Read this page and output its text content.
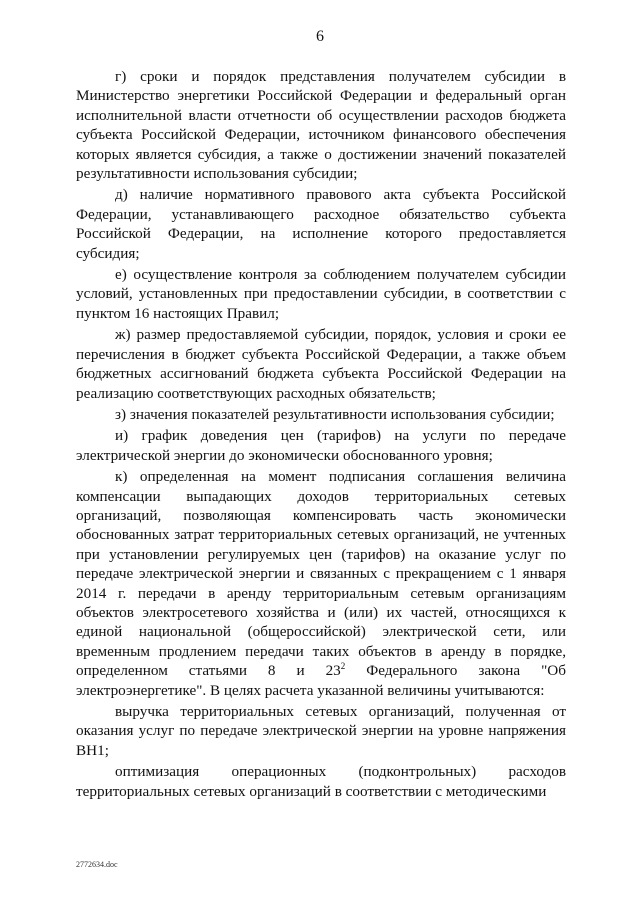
6

г) сроки и порядок представления получателем субсидии в Министерство энергетики Российской Федерации и федеральный орган исполнительной власти отчетности об осуществлении расходов бюджета субъекта Российской Федерации, источником финансового обеспечения которых является субсидия, а также о достижении значений показателей результативности использования субсидии;

д) наличие нормативного правового акта субъекта Российской Федерации, устанавливающего расходное обязательство субъекта Российской Федерации, на исполнение которого предоставляется субсидия;

е) осуществление контроля за соблюдением получателем субсидии условий, установленных при предоставлении субсидии, в соответствии с пунктом 16 настоящих Правил;

ж) размер предоставляемой субсидии, порядок, условия и сроки ее перечисления в бюджет субъекта Российской Федерации, а также объем бюджетных ассигнований бюджета субъекта Российской Федерации на реализацию соответствующих расходных обязательств;

з) значения показателей результативности использования субсидии;

и) график доведения цен (тарифов) на услуги по передаче электрической энергии до экономически обоснованного уровня;

к) определенная на момент подписания соглашения величина компенсации выпадающих доходов территориальных сетевых организаций, позволяющая компенсировать часть экономически обоснованных затрат территориальных сетевых организаций, не учтенных при установлении регулируемых цен (тарифов) на оказание услуг по передаче электрической энергии и связанных с прекращением с 1 января 2014 г. передачи в аренду территориальным сетевым организациям объектов электросетевого хозяйства и (или) их частей, относящихся к единой национальной (общероссийской) электрической сети, или временным продлением передачи таких объектов в аренду в порядке, определенном статьями 8 и $23^2$ Федерального закона "Об электроэнергетике". В целях расчета указанной величины учитываются:

выручка территориальных сетевых организаций, полученная от оказания услуг по передаче электрической энергии на уровне напряжения ВН1;

оптимизация операционных (подконтрольных) расходов территориальных сетевых организаций в соответствии с методическими

2772634.doc
